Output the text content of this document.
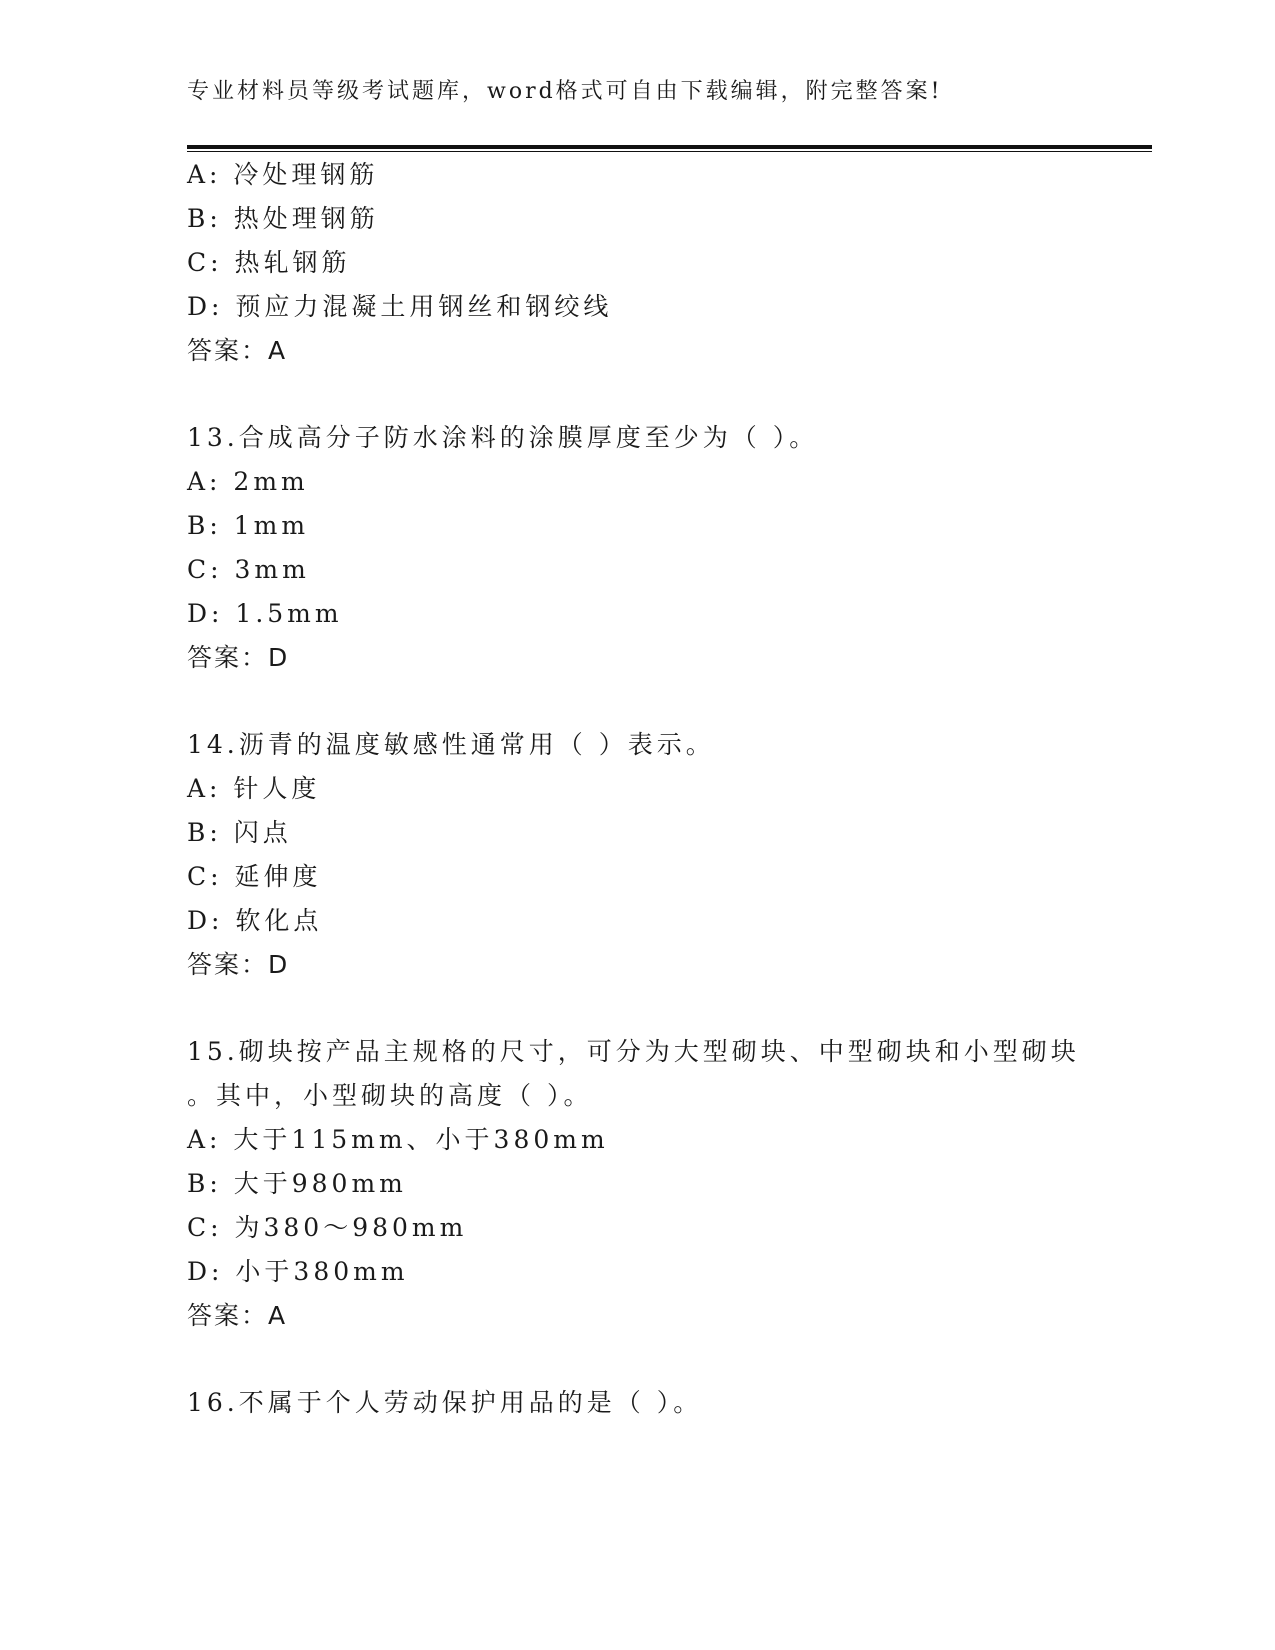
专业材料员等级考试题库，word格式可自由下载编辑，附完整答案!
A: 冷处理钢筋
B: 热处理钢筋
C: 热轧钢筋
D: 预应力混凝土用钢丝和钢绞线
答案：A
13.合成高分子防水涂料的涂膜厚度至少为（ ）。
A: 2mm
B: 1mm
C: 3mm
D: 1.5mm
答案：D
14.沥青的温度敏感性通常用（ ）表示。
A: 针人度
B: 闪点
C: 延伸度
D: 软化点
答案：D
15.砌块按产品主规格的尺寸，可分为大型砌块、中型砌块和小型砌块
。其中，小型砌块的高度（ ）。
A: 大于115mm、小于380mm
B: 大于980mm
C: 为380～980mm
D: 小于380mm
答案：A
16.不属于个人劳动保护用品的是（ ）。
